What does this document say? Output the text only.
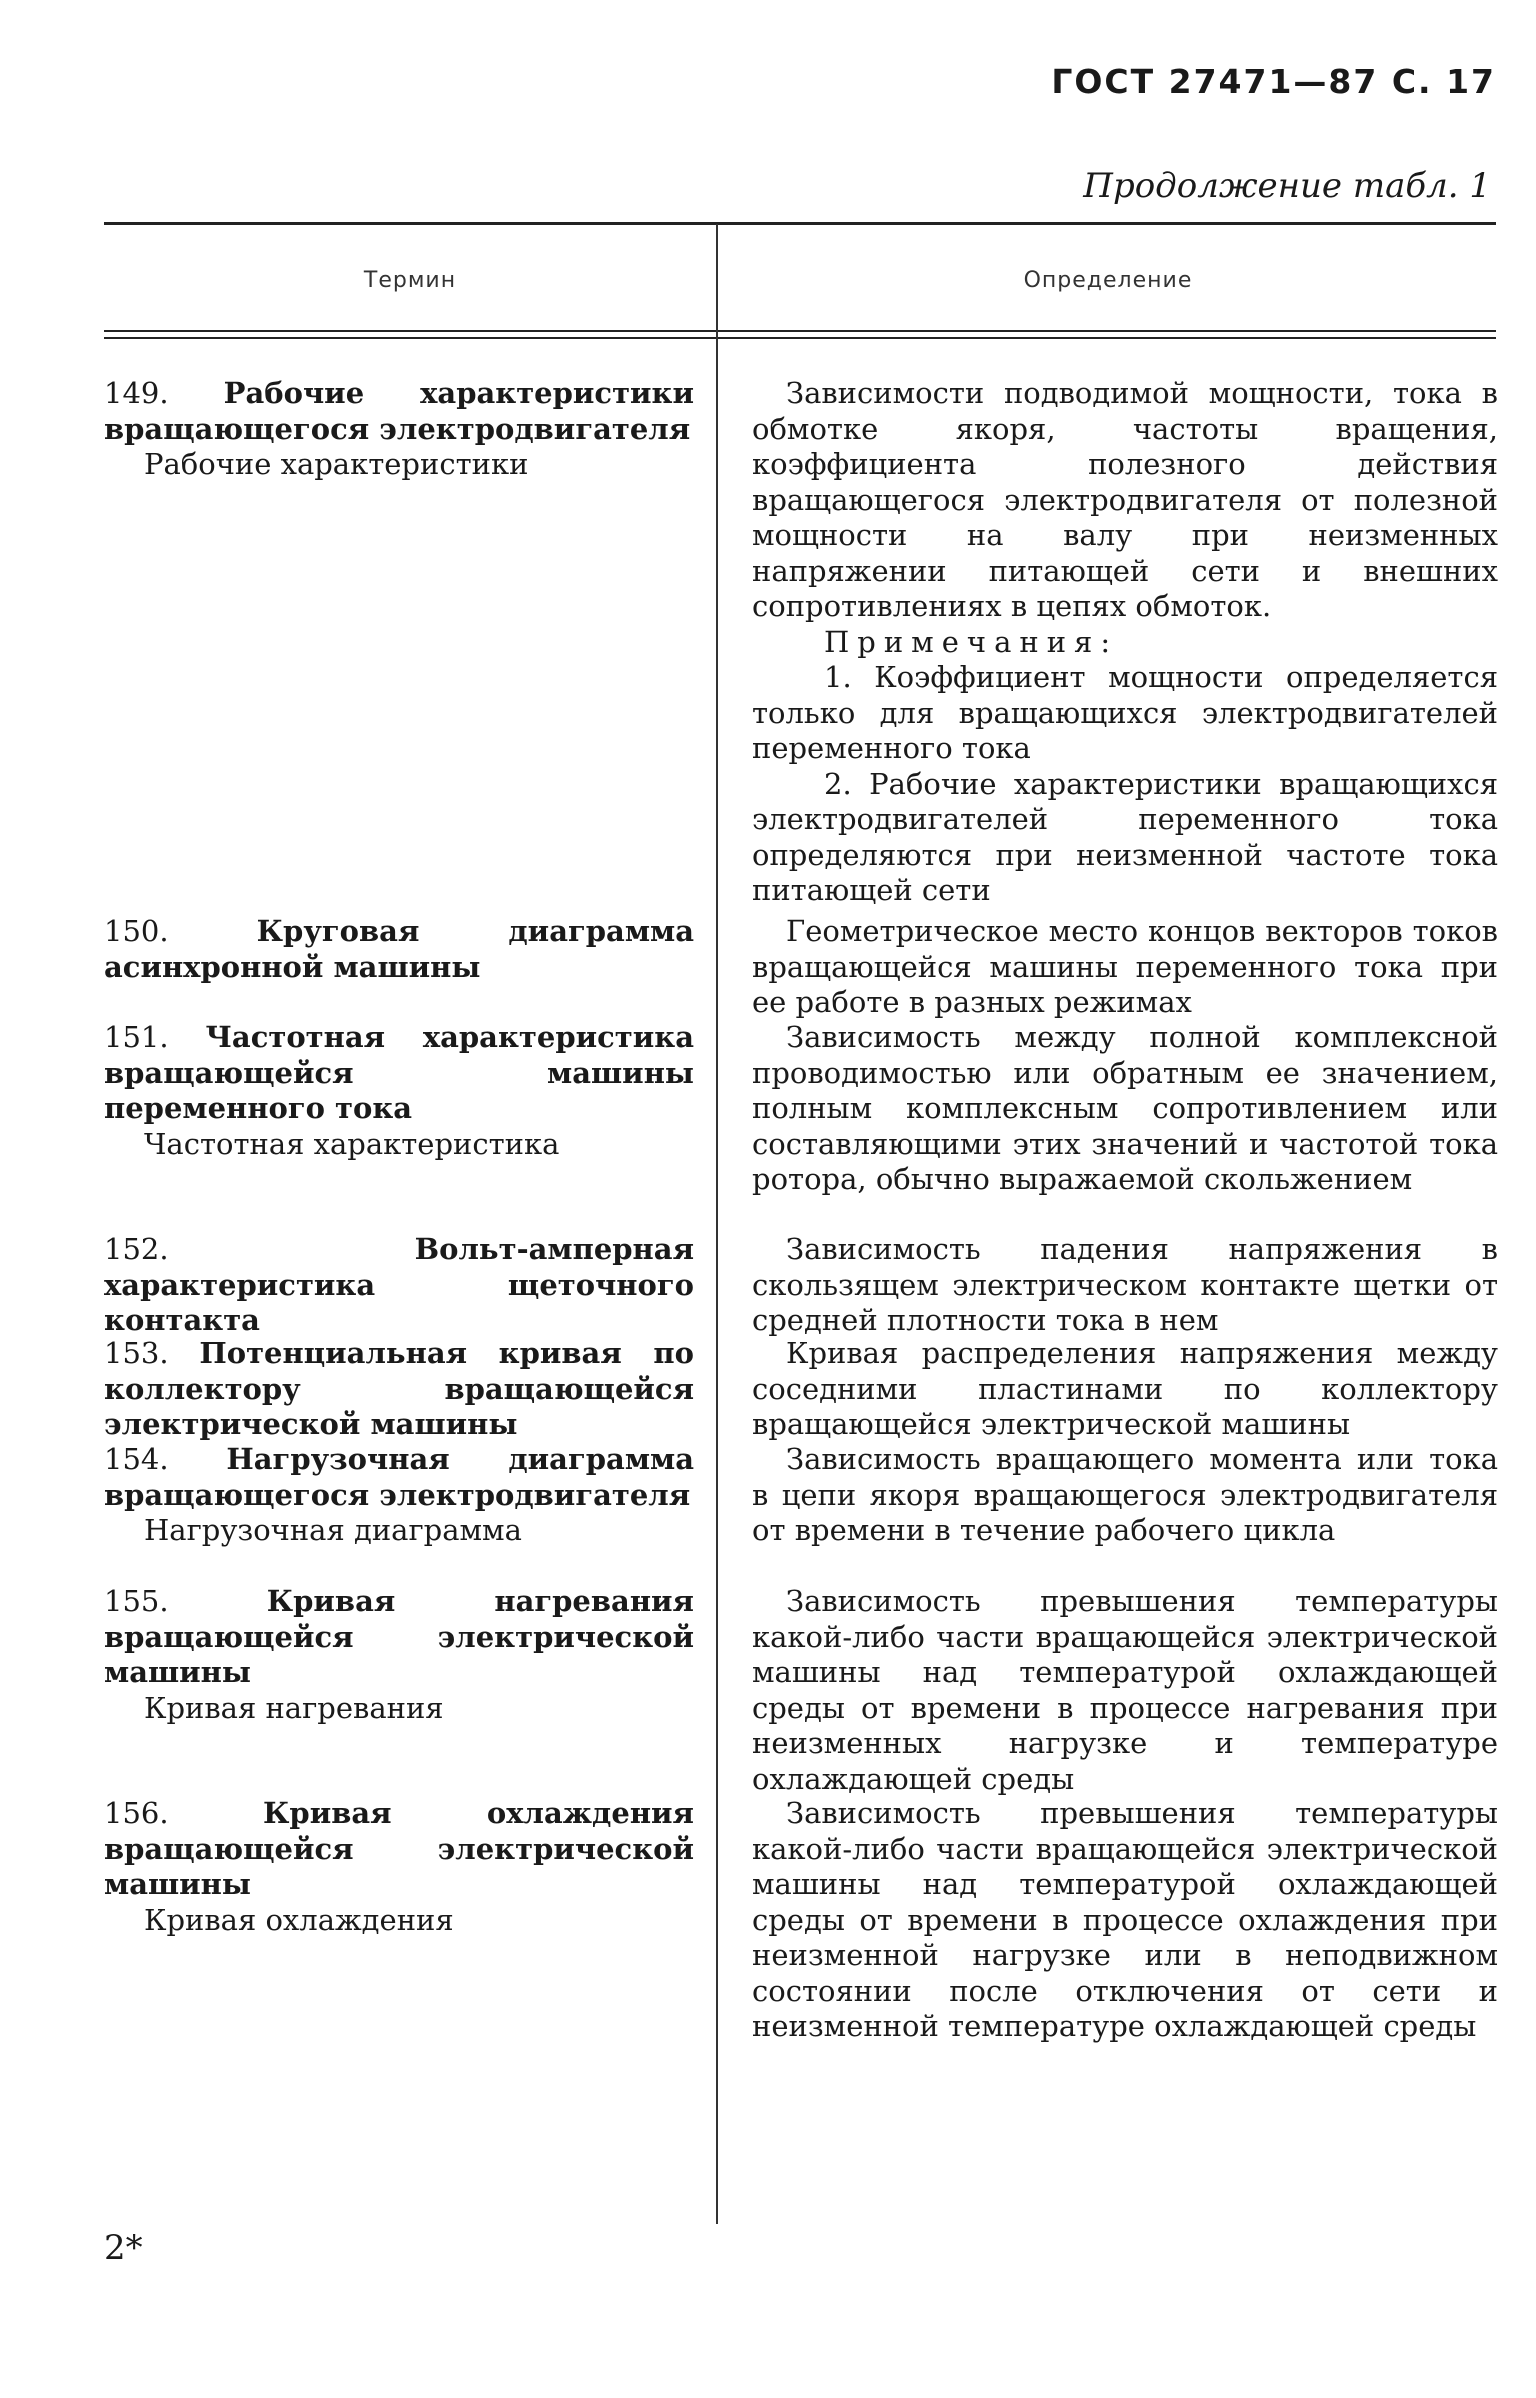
ГОСТ 27471—87 С. 17
Продолжение табл. 1
Термин	Определение
149. Рабочие характеристики вращающегося электродвигателя
Рабочие характеристики

Зависимости подводимой мощности, тока в обмотке якоря, частоты вращения, коэффициента полезного действия вращающегося электродвигателя от полезной мощности на валу при неизменных напряжении питающей сети и внешних сопротивлениях в цепях обмоток.

Примечания:

1. Коэффициент мощности определяется только для вращающихся электродвигателей переменного тока

2. Рабочие характеристики вращающихся электродвигателей переменного тока определяются при неизменной частоте тока питающей сети

150. Круговая диаграмма асинхронной машины

Геометрическое место концов векторов токов вращающейся машины переменного тока при ее работе в разных режимах

151. Частотная характеристика вращающейся машины переменного тока
Частотная характеристика

Зависимость между полной комплексной проводимостью или обратным ее значением, полным комплексным сопротивлением или составляющими этих значений и частотой тока ротора, обычно выражаемой скольжением

152. Вольт-амперная характеристика щеточного контакта

Зависимость падения напряжения в скользящем электрическом контакте щетки от средней плотности тока в нем

153. Потенциальная кривая по коллектору вращающейся электрической машины

Кривая распределения напряжения между соседними пластинами по коллектору вращающейся электрической машины

154. Нагрузочная диаграмма вращающегося электродвигателя
Нагрузочная диаграмма

Зависимость вращающего момента или тока в цепи якоря вращающегося электродвигателя от времени в течение рабочего цикла

155. Кривая нагревания вращающейся электрической машины
Кривая нагревания

Зависимость превышения температуры какой-либо части вращающейся электрической машины над температурой охлаждающей среды от времени в процессе нагревания при неизменных нагрузке и температуре охлаждающей среды

156. Кривая охлаждения вращающейся электрической машины
Кривая охлаждения

Зависимость превышения температуры какой-либо части вращающейся электрической машины над температурой охлаждающей среды от времени в процессе охлаждения при неизменной нагрузке или в неподвижном состоянии после отключения от сети и неизменной температуре охлаждающей среды

2*
